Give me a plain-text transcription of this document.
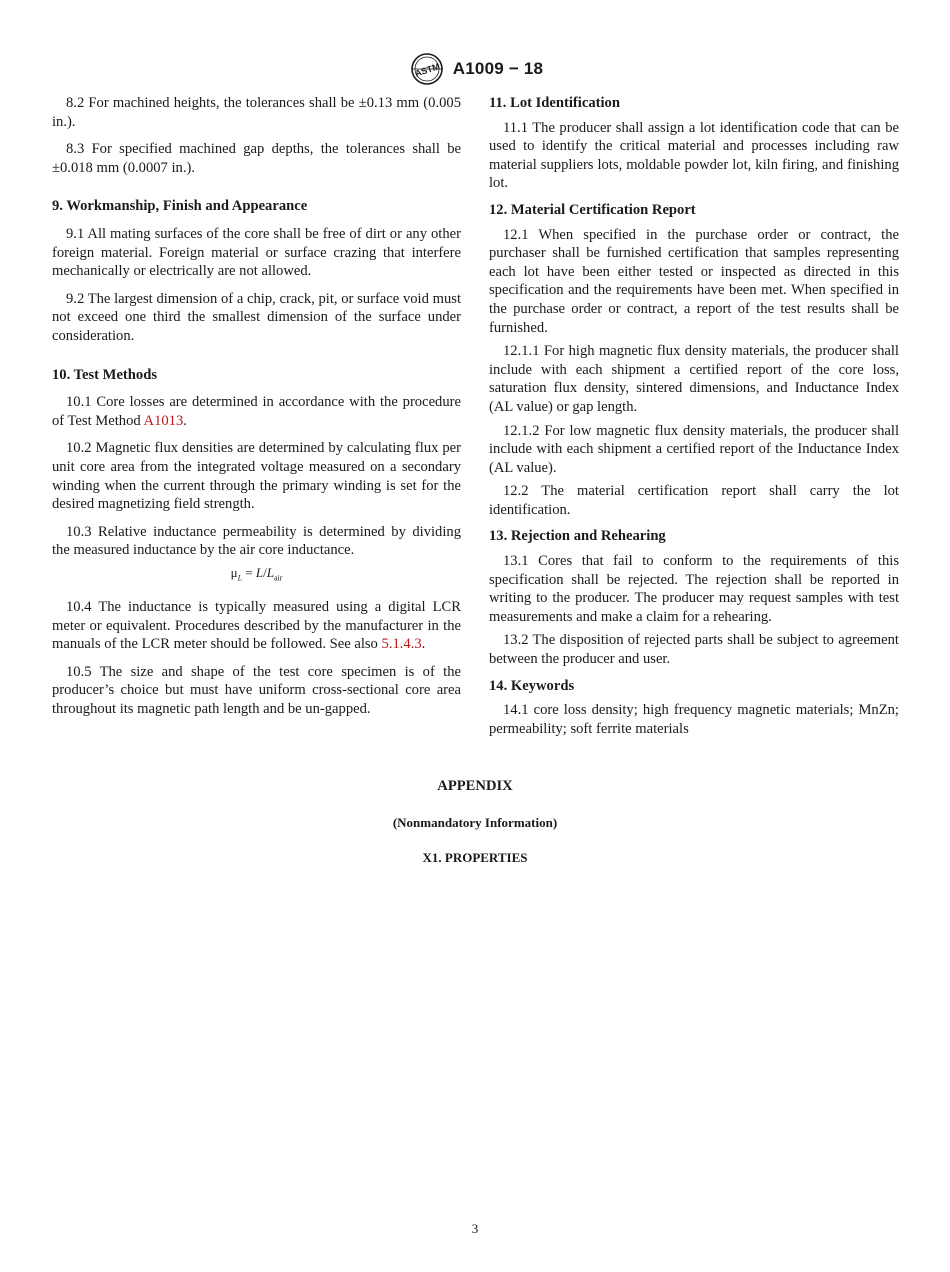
ASTM A1009 − 18

8.2 For machined heights, the tolerances shall be ±0.13 mm (0.005 in.).

8.3 For specified machined gap depths, the tolerances shall be ±0.018 mm (0.0007 in.).

9. Workmanship, Finish and Appearance

9.1 All mating surfaces of the core shall be free of dirt or any other foreign material. Foreign material or surface crazing that interfere mechanically or electrically are not allowed.

9.2 The largest dimension of a chip, crack, pit, or surface void must not exceed one third the smallest dimension of the surface under consideration.

10. Test Methods

10.1 Core losses are determined in accordance with the procedure of Test Method A1013.

10.2 Magnetic flux densities are determined by calculating flux per unit core area from the integrated voltage measured on a secondary winding when the current through the primary winding is set for the desired magnetizing field strength.

10.3 Relative inductance permeability is determined by dividing the measured inductance by the air core inductance.

$\mu_L = L/L_{air}$

10.4 The inductance is typically measured using a digital LCR meter or equivalent. Procedures described by the manufacturer in the manuals of the LCR meter should be followed. See also 5.1.4.3.

10.5 The size and shape of the test core specimen is of the producer’s choice but must have uniform cross-sectional core area throughout its magnetic path length and be un-gapped.

11. Lot Identification

11.1 The producer shall assign a lot identification code that can be used to identify the critical material and processes including raw material suppliers lots, moldable powder lot, kiln firing, and finishing lot.

12. Material Certification Report

12.1 When specified in the purchase order or contract, the purchaser shall be furnished certification that samples representing each lot have been either tested or inspected as directed in this specification and the requirements have been met. When specified in the purchase order or contract, a report of the test results shall be furnished.

12.1.1 For high magnetic flux density materials, the producer shall include with each shipment a certified report of the core loss, saturation flux density, sintered dimensions, and Inductance Index (AL value) or gap length.

12.1.2 For low magnetic flux density materials, the producer shall include with each shipment a certified report of the Inductance Index (AL value).

12.2 The material certification report shall carry the lot identification.

13. Rejection and Rehearing

13.1 Cores that fail to conform to the requirements of this specification shall be rejected. The rejection shall be reported in writing to the producer. The producer may request samples with test measurements and make a claim for a rehearing.

13.2 The disposition of rejected parts shall be subject to agreement between the producer and user.

14. Keywords

14.1 core loss density; high frequency magnetic materials; MnZn; permeability; soft ferrite materials

APPENDIX
(Nonmandatory Information)
X1. PROPERTIES
3
